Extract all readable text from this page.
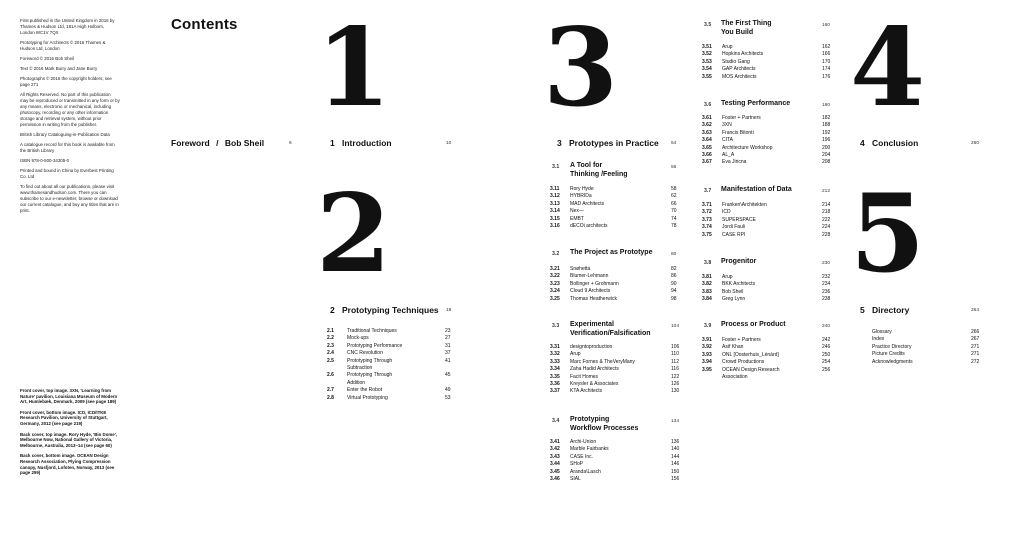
First published in the United Kingdom in 2016 by Thames & Hudson Ltd, 181A High Holborn, London WC1V 7QX

Prototyping for Architects © 2016 Thames & Hudson Ltd, London

Foreword © 2016 Bob Sheil

Text © 2016 Mark Burry and Jane Burry

Photographs © 2016 the copyright holders; see page 271

All Rights Reserved. No part of this publication may be reproduced or transmitted in any form or by any means, electronic or mechanical, including photocopy, recording or any other information storage and retrieval system, without prior permission in writing from the publisher.

British Library Cataloguing-in-Publication Data

A catalogue record for this book is available from the British Library

ISBN 978-0-500-34305-0

Printed and bound in China by Everbest Printing Co. Ltd

To find out about all our publications, please visit www.thamesandhudson.com. There you can subscribe to our e-newsletter, browse or download our current catalogue, and buy any titles that are in print.

Front cover, top image. 3XN, 'Learning from Nature' pavilion, Louisiana Museum of Modern Art, Humlebæk, Denmark, 2009 (see page 189)

Front cover, bottom image. ICD, ICD/ITKE Research Pavilion, University of Stuttgart, Germany, 2012 (see page 219)

Back cover, top image. Rory Hyde, 'Bin Dome', Melbourne Now, National Gallery of Victoria, Melbourne, Australia, 2013–14 (see page 60)

Back cover, bottom image. OCEAN Design Research Association, Plying Compression canopy, Nusfjord, Lofoten, Norway, 2013 (see page 259)

Contents 1
2
3 4
5
Foreword / Bob Sheil	6	1 Introduction	10
2 Prototyping Techniques 18
2.1	Traditional Techniques	23
2.2	Mock-ups	27
2.3	Prototyping Performance	31
2.4	CNC Revolution	37
2.5	Prototyping Through	41
Subtraction
2.6	Prototyping Through	45
Addition
2.7	Enter the Robot	49
2.8	Virtual Prototyping	53
3 Prototypes in Practice	54
3.1 A Tool for
Thinking /Feeling
56
3.11 Rory Hyde	58
3.12 HYBRIDa	62
3.13 MAD Architects	66
3.14 Nex—	70
3.15 EMBT	74
3.16 dECOi architects	78
3.2 The Project as Prototype	80
3.21 Snøhetta	82
3.22 Blumer-Lehmann	86
3.23 Bollinger + Grohmann	90
3.24 Cloud 9 Architects	94
3.25 Thomas Heatherwick	98
3.3 Experimental
Verification/Falsification
104
3.31 designtoproduction	106
3.32 Arup	110
3.33 Marc Fornes & TheVeryMany	112
3.34 Zaha Hadid Architects	116
3.35 Facit Homes	122
3.36 Kreysler & Associates	126
3.37 KTA Architects	130
3.4 Prototyping
Workflow Processes
134
3.41 Archi-Union	136
3.42 Marble Fairbanks	140
3.43 CASE Inc.	144
3.44 SHoP	146
3.45 Aranda\Lasch	150
3.46 SIAL	156
3.5 The First Thing
You Build
160
3.51 Arup	162
3.52 Hopkins Architects	166
3.53 Studio Gang	170
3.54 GAP Architects	174
3.55 MOS Architects	176
3.6 Testing Performance	180
3.61 Foster + Partners	182
3.62 3XN	188
3.63 Francis Bitonti	192
3.64 CITA	196
3.65 Architecture Workshop	200
3.66 AL_A	204
3.67 Eva Jiricna	208
3.7 Manifestation of Data	212
3.71 Franken\Architekten	214
3.72 ICD	218
3.73 SUPERSPACE	222
3.74 Jordi Fauli	224
3.75 CASE RPI	228
3.8 Progenitor	230
3.81 Arup	232
3.82 BKK Architects	234
3.83 Bob Sheil	236
3.84 Greg Lynn	238
3.9 Process or Product	240
3.91 Foster + Partners	242
3.92 Asif Khan	246
3.93 ONL [Oosterhuis_Lénárd]	250
3.94 Crowd Productions	254
3.95 OCEAN Design Research	256
Association
4 Conclusion	260
5 Directory	264
Glossary	266
Index	267
Practice Directory	271
Picture Credits	271
Acknowledgments	272
